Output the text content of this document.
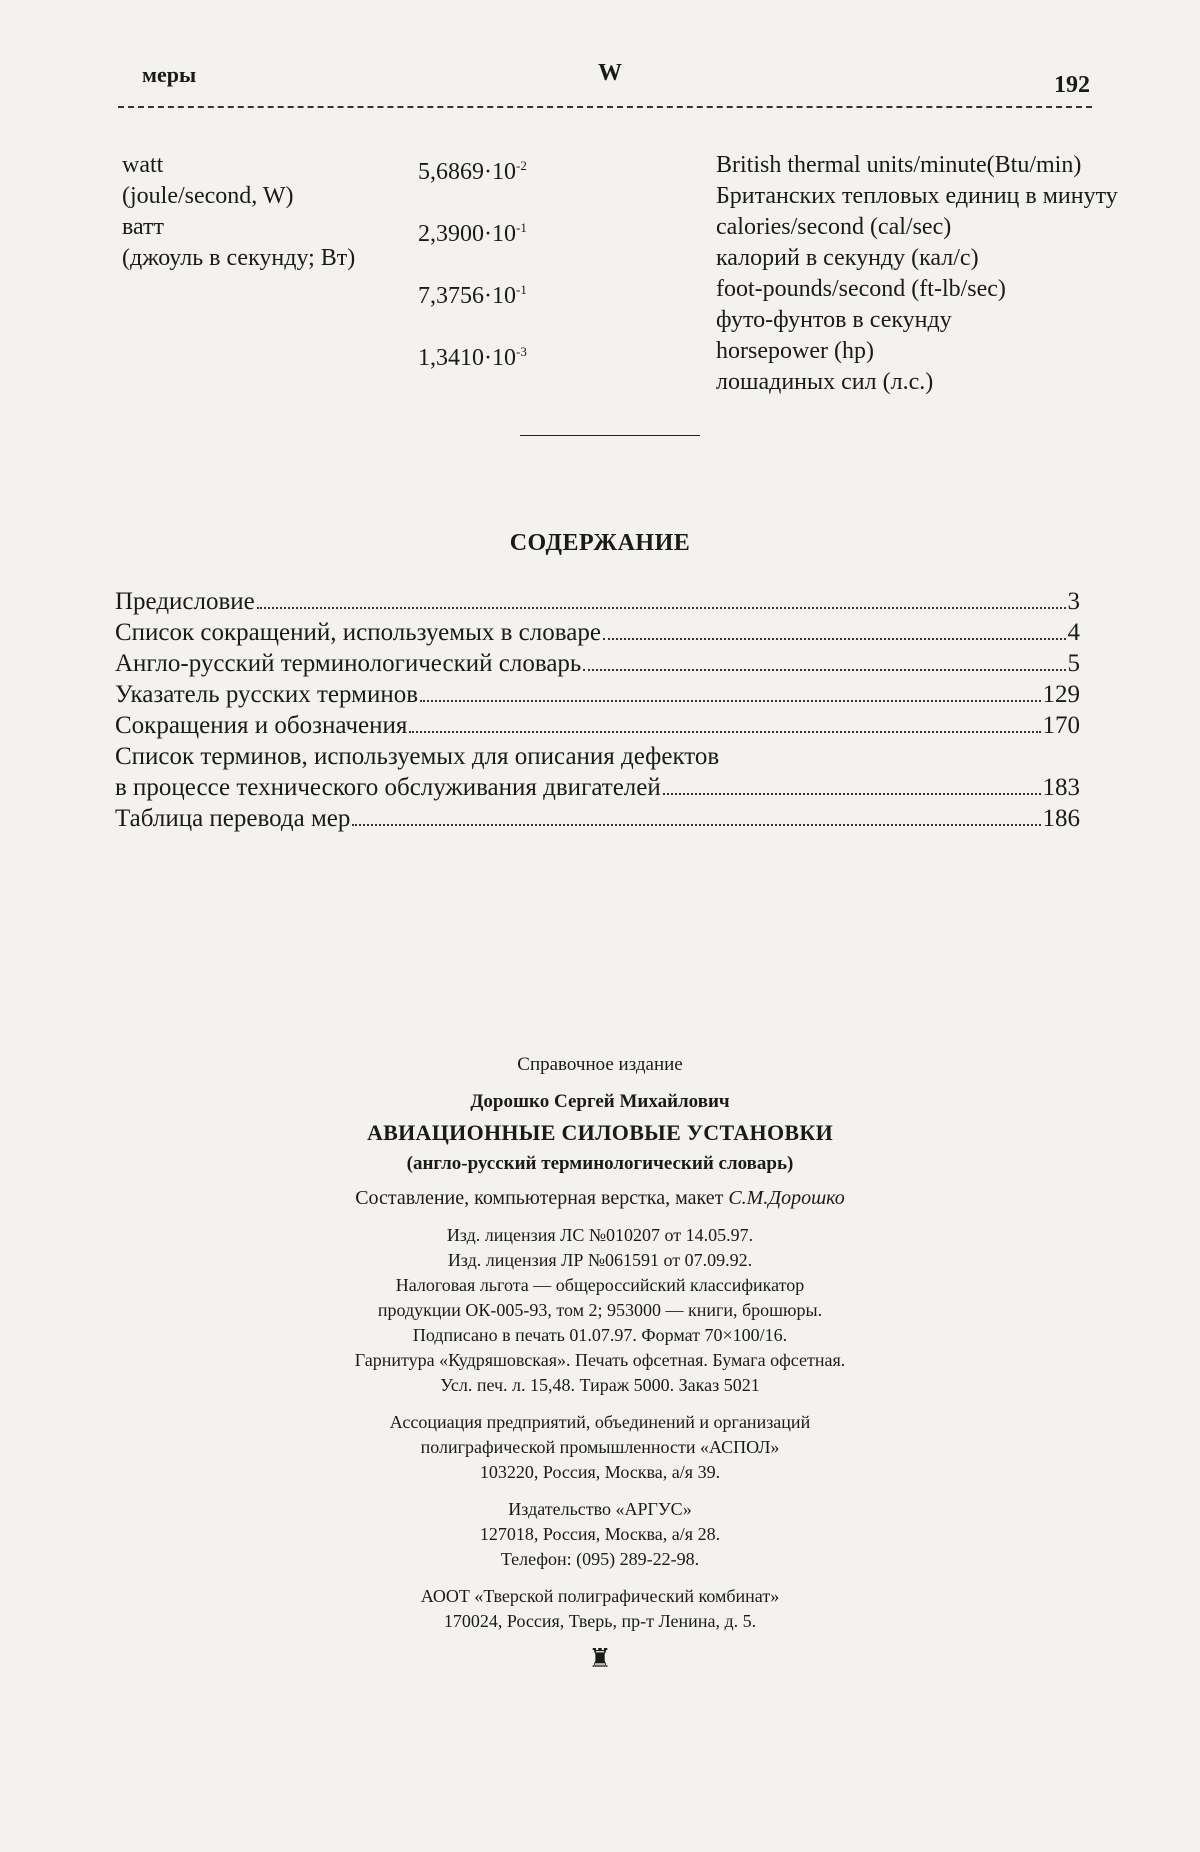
меры	W	192
watt
(joule/second, W)
ватт
(джоуль в секунду; Вт)
$5,6869\cdot 10^{-2}$	British thermal units/minute(Btu/min)
Британских тепловых единиц в минуту
$2,3900\cdot 10^{-1}$	calories/second (cal/sec)
калорий в секунду (кал/с)
$7,3756\cdot 10^{-1}$	foot-pounds/second (ft-lb/sec)
футо-фунтов в секунду
$1,3410\cdot 10^{-3}$	horsepower (hp)
лошадиных сил (л.с.)
СОДЕРЖАНИЕ
Предисловие	3
Список сокращений, используемых в словаре	4
Англо-русский терминологический словарь	5
Указатель русских терминов	129
Сокращения и обозначения	170
Список терминов, используемых для описания дефектов
в процессе технического обслуживания двигателей	183
Таблица перевода мер	186
Справочное издание
Дорошко Сергей Михайлович
АВИАЦИОННЫЕ СИЛОВЫЕ УСТАНОВКИ
(англо-русский терминологический словарь)
Составление, компьютерная верстка, макет С.М.Дорошко
Изд. лицензия ЛС №010207 от 14.05.97.
Изд. лицензия ЛР №061591 от 07.09.92.
Налоговая льгота — общероссийский классификатор
продукции ОК-005-93, том 2; 953000 — книги, брошюры.
Подписано в печать 01.07.97. Формат 70×100/16.
Гарнитура «Кудряшовская». Печать офсетная. Бумага офсетная.
Усл. печ. л. 15,48. Тираж 5000. Заказ 5021
Ассоциация предприятий, объединений и организаций
полиграфической промышленности «АСПОЛ»
103220, Россия, Москва, а/я 39.
Издательство «АРГУС»
127018, Россия, Москва, а/я 28.
Телефон: (095) 289-22-98.
АООТ «Тверской полиграфический комбинат»
170024, Россия, Тверь, пр-т Ленина, д. 5.
♜
